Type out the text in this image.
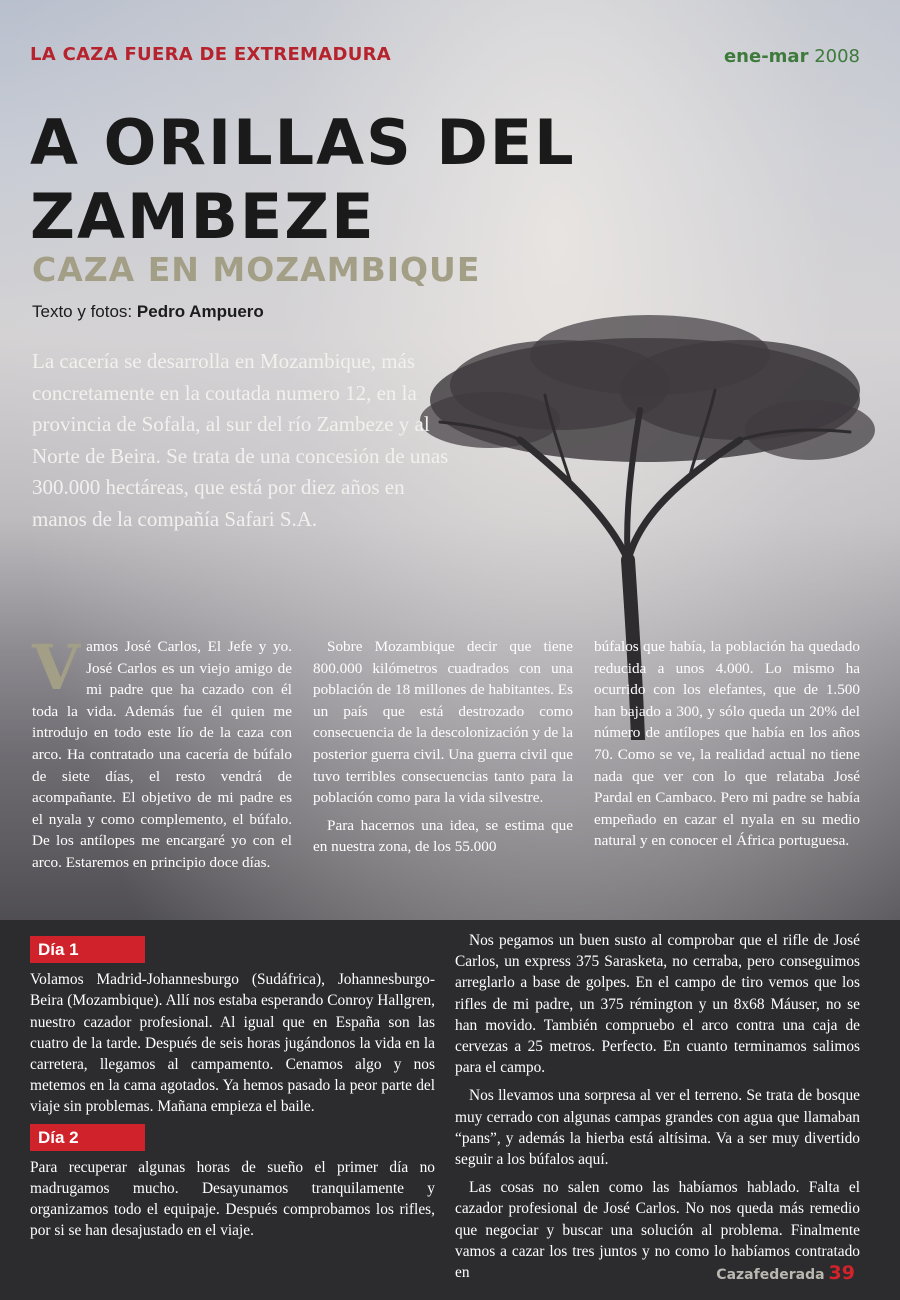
LA CAZA FUERA DE EXTREMADURA	ene-mar 2008
A ORILLAS DEL
ZAMBEZE
CAZA EN MOZAMBIQUE
Texto y fotos: Pedro Ampuero

La cacería se desarrolla en Mozambique, más concretamente en la coutada numero 12, en la provincia de Sofala, al sur del río Zambeze y al Norte de Beira. Se trata de una concesión de unas 300.000 hectáreas, que está por diez años en manos de la compañía Safari S.A.

Vamos José Carlos, El Jefe y yo. José Carlos es un viejo amigo de mi padre que ha cazado con él toda la vida. Además fue él quien me introdujo en todo este lío de la caza con arco. Ha contratado una cacería de búfalo de siete días, el resto vendrá de acompañante. El objetivo de mi padre es el nyala y como complemento, el búfalo. De los antílopes me encargaré yo con el arco. Estaremos en principio doce días.

Sobre Mozambique decir que tiene 800.000 kilómetros cuadrados con una población de 18 millones de habitantes. Es un país que está destrozado como consecuencia de la descolonización y de la posterior guerra civil. Una guerra civil que tuvo terribles consecuencias tanto para la población como para la vida silvestre.

Para hacernos una idea, se estima que en nuestra zona, de los 55.000

búfalos que había, la población ha quedado reducida a unos 4.000. Lo mismo ha ocurrido con los elefantes, que de 1.500 han bajado a 300, y sólo queda un 20% del número de antílopes que había en los años 70. Como se ve, la realidad actual no tiene nada que ver con lo que relataba José Pardal en Cambaco. Pero mi padre se había empeñado en cazar el nyala en su medio natural y en conocer el África portuguesa.

Día 1

Volamos Madrid-Johannesburgo (Sudáfrica), Johannesburgo-Beira (Mozambique). Allí nos estaba esperando Conroy Hallgren, nuestro cazador profesional. Al igual que en España son las cuatro de la tarde. Después de seis horas jugándonos la vida en la carretera, llegamos al campamento. Cenamos algo y nos metemos en la cama agotados. Ya hemos pasado la peor parte del viaje sin problemas. Mañana empieza el baile.

Día 2

Para recuperar algunas horas de sueño el primer día no madrugamos mucho. Desayunamos tranquilamente y organizamos todo el equipaje. Después comprobamos los rifles, por si se han desajustado en el viaje.

Nos pegamos un buen susto al comprobar que el rifle de José Carlos, un express 375 Sarasketa, no cerraba, pero conseguimos arreglarlo a base de golpes. En el campo de tiro vemos que los rifles de mi padre, un 375 rémington y un 8x68 Máuser, no se han movido. También compruebo el arco contra una caja de cervezas a 25 metros. Perfecto. En cuanto terminamos salimos para el campo.

Nos llevamos una sorpresa al ver el terreno. Se trata de bosque muy cerrado con algunas campas grandes con agua que llamaban “pans”, y además la hierba está altísima. Va a ser muy divertido seguir a los búfalos aquí.

Las cosas no salen como las habíamos hablado. Falta el cazador profesional de José Carlos. No nos queda más remedio que negociar y buscar una solución al problema. Finalmente vamos a cazar los tres juntos y no como lo habíamos contratado en	Cazafederada 39
